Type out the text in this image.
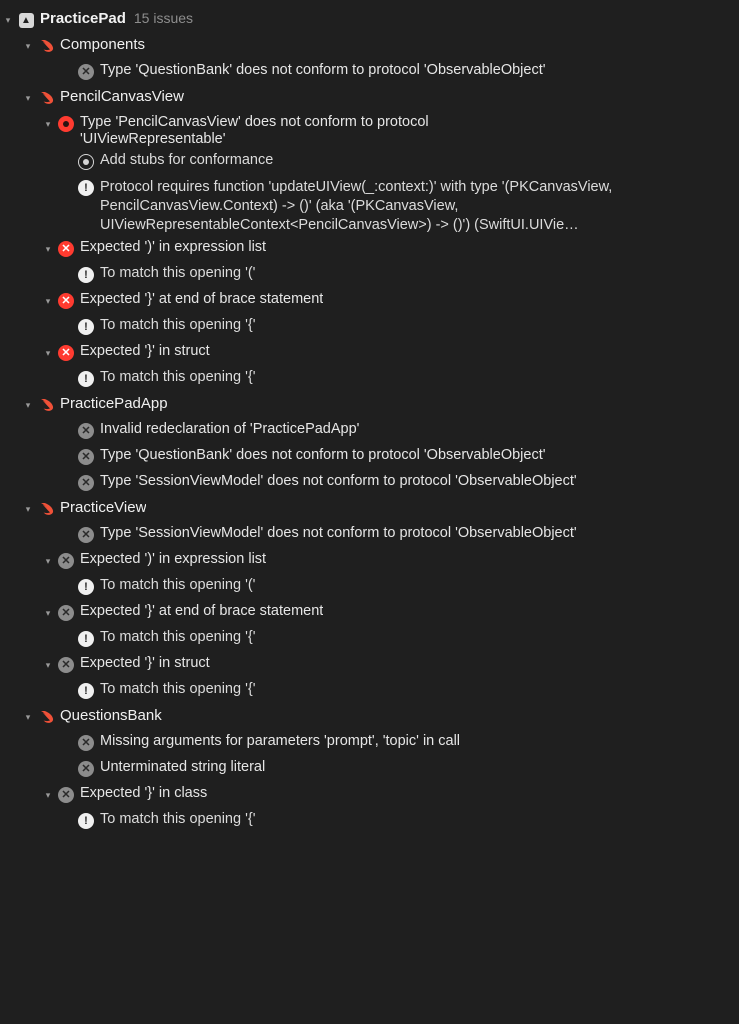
▾	▲ PracticePad 15 issues
▾	Components
✕ Type 'QuestionBank' does not conform to protocol 'ObservableObject'
▾	PencilCanvasView
▾	Type 'PencilCanvasView' does not conform to protocol 'UIViewRepresentable'
Add stubs for conformance
! Protocol requires function 'updateUIView(_:context:)' with type '(PKCanvasView, PencilCanvasView.Context) -> ()' (aka '(PKCanvasView, UIViewRepresentableContext<PencilCanvasView>) -> ()') (SwiftUI.UIVie…
▾	✕ Expected ')' in expression list
! To match this opening '('
▾	✕ Expected '}' at end of brace statement
! To match this opening '{'
▾	✕ Expected '}' in struct
! To match this opening '{'
▾	PracticePadApp
✕ Invalid redeclaration of 'PracticePadApp'
✕ Type 'QuestionBank' does not conform to protocol 'ObservableObject'
✕ Type 'SessionViewModel' does not conform to protocol 'ObservableObject'
▾	PracticeView
✕ Type 'SessionViewModel' does not conform to protocol 'ObservableObject'
▾	✕ Expected ')' in expression list
! To match this opening '('
▾	✕ Expected '}' at end of brace statement
! To match this opening '{'
▾	✕ Expected '}' in struct
! To match this opening '{'
▾	QuestionsBank
✕ Missing arguments for parameters 'prompt', 'topic' in call
✕ Unterminated string literal
▾	✕ Expected '}' in class
! To match this opening '{'
